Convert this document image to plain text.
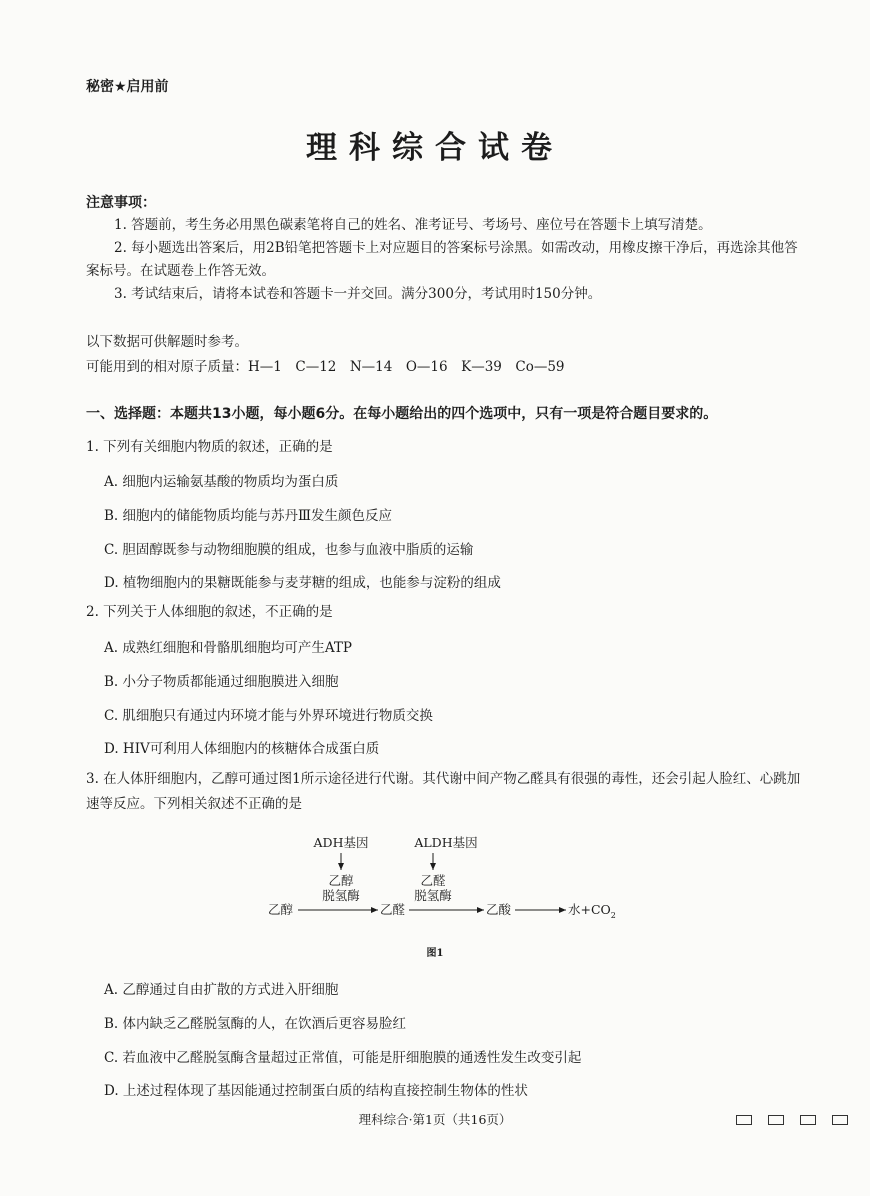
秘密★启用前
理科综合试卷
注意事项：

1. 答题前，考生务必用黑色碳素笔将自己的姓名、准考证号、考场号、座位号在答题卡上填写清楚。

2. 每小题选出答案后，用2B铅笔把答题卡上对应题目的答案标号涂黑。如需改动，用橡皮擦干净后，再选涂其他答案标号。在试题卷上作答无效。

3. 考试结束后，请将本试卷和答题卡一并交回。满分300分，考试用时150分钟。

以下数据可供解题时参考。

可能用到的相对原子质量：H—1　C—12　N—14　O—16　K—39　Co—59

一、选择题：本题共13小题，每小题6分。在每小题给出的四个选项中，只有一项是符合题目要求的。
1. 下列有关细胞内物质的叙述，正确的是
A. 细胞内运输氨基酸的物质均为蛋白质
B. 细胞内的储能物质均能与苏丹Ⅲ发生颜色反应
C. 胆固醇既参与动物细胞膜的组成，也参与血液中脂质的运输
D. 植物细胞内的果糖既能参与麦芽糖的组成，也能参与淀粉的组成
2. 下列关于人体细胞的叙述，不正确的是
A. 成熟红细胞和骨骼肌细胞均可产生ATP
B. 小分子物质都能通过细胞膜进入细胞
C. 肌细胞只有通过内环境才能与外界环境进行物质交换
D. HIV可利用人体细胞内的核糖体合成蛋白质
3. 在人体肝细胞内，乙醇可通过图1所示途径进行代谢。其代谢中间产物乙醛具有很强的毒性，还会引起人脸红、心跳加速等反应。下列相关叙述不正确的是
ADH基因	ALDH基因
乙醇
脱氢酶
乙醛
脱氢酶
乙醇	乙醛	乙酸	水$+CO_2$
图1
A. 乙醇通过自由扩散的方式进入肝细胞
B. 体内缺乏乙醛脱氢酶的人，在饮酒后更容易脸红
C. 若血液中乙醛脱氢酶含量超过正常值，可能是肝细胞膜的通透性发生改变引起
D. 上述过程体现了基因能通过控制蛋白质的结构直接控制生物体的性状
理科综合·第1页（共16页）
